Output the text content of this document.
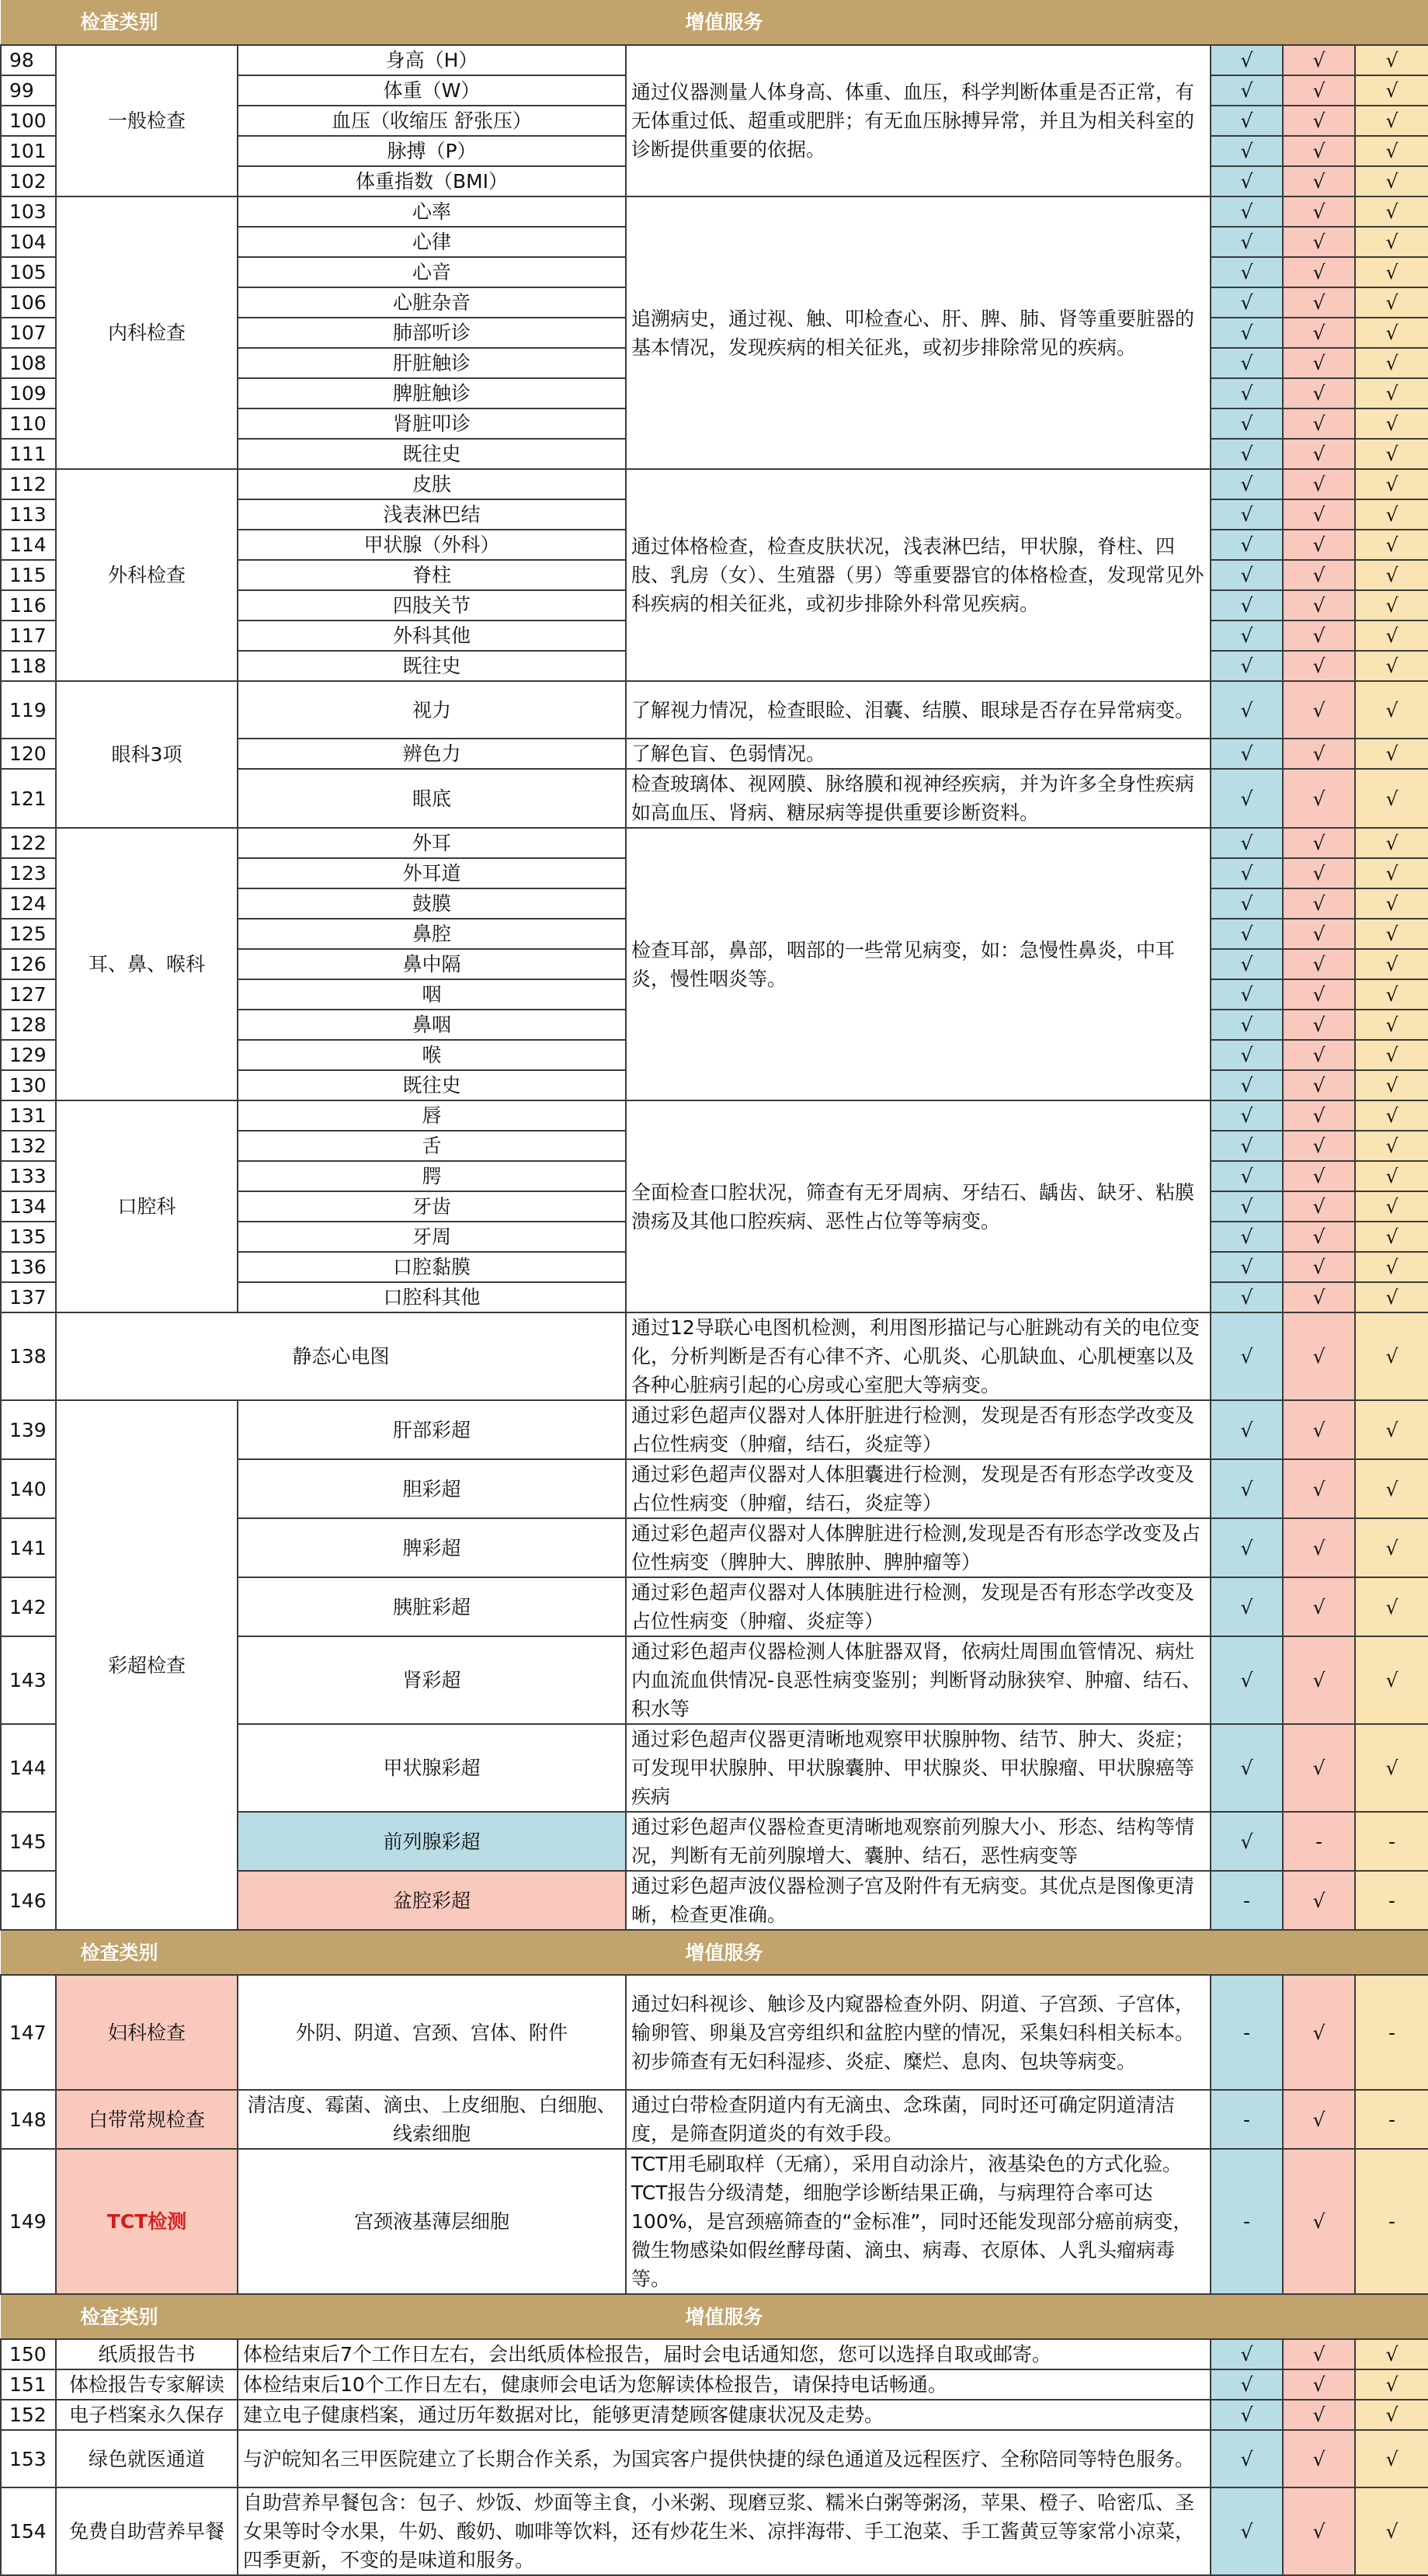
检查类别		增值服务				
98	一般检查	身高（H）	通过仪器测量人体身高、体重、血压，科学判断体重是否正常，有无体重过低、超重或肥胖；有无血压脉搏异常，并且为相关科室的诊断提供重要的依据。	√	√	√
99		体重（W）		√	√	√
100		血压（收缩压 舒张压）		√	√	√
101		脉搏（P）		√	√	√
102		体重指数（BMI）		√	√	√
103	内科检查	心率	追溯病史，通过视、触、叩检查心、肝、脾、肺、肾等重要脏器的基本情况，发现疾病的相关征兆，或初步排除常见的疾病。	√	√	√
104		心律		√	√	√
105		心音		√	√	√
106		心脏杂音		√	√	√
107		肺部听诊		√	√	√
108		肝脏触诊		√	√	√
109		脾脏触诊		√	√	√
110		肾脏叩诊		√	√	√
111		既往史		√	√	√
112	外科检查	皮肤	通过体格检查，检查皮肤状况，浅表淋巴结，甲状腺，脊柱、四肢、乳房（女）、生殖器（男）等重要器官的体格检查，发现常见外科疾病的相关征兆，或初步排除外科常见疾病。	√	√	√
113		浅表淋巴结		√	√	√
114		甲状腺（外科）		√	√	√
115		脊柱		√	√	√
116		四肢关节		√	√	√
117		外科其他		√	√	√
118		既往史		√	√	√
119	眼科3项	视力	了解视力情况，检查眼睑、泪囊、结膜、眼球是否存在异常病变。	√	√	√
120		辨色力	了解色盲、色弱情况。	√	√	√
121		眼底	检查玻璃体、视网膜、脉络膜和视神经疾病，并为许多全身性疾病如高血压、肾病、糖尿病等提供重要诊断资料。	√	√	√
122	耳、鼻、喉科	外耳	检查耳部，鼻部，咽部的一些常见病变，如：急慢性鼻炎，中耳炎，慢性咽炎等。	√	√	√
123		外耳道		√	√	√
124		鼓膜		√	√	√
125		鼻腔		√	√	√
126		鼻中隔		√	√	√
127		咽		√	√	√
128		鼻咽		√	√	√
129		喉		√	√	√
130		既往史		√	√	√
131	口腔科	唇	全面检查口腔状况，筛查有无牙周病、牙结石、龋齿、缺牙、粘膜溃疡及其他口腔疾病、恶性占位等等病变。	√	√	√
132		舌		√	√	√
133		腭		√	√	√
134		牙齿		√	√	√
135		牙周		√	√	√
136		口腔黏膜		√	√	√
137		口腔科其他		√	√	√
138	静态心电图		通过12导联心电图机检测，利用图形描记与心脏跳动有关的电位变化，分析判断是否有心律不齐、心肌炎、心肌缺血、心肌梗塞以及各种心脏病引起的心房或心室肥大等病变。	√	√	√
139	彩超检查	肝部彩超	通过彩色超声仪器对人体肝脏进行检测，发现是否有形态学改变及占位性病变（肿瘤，结石，炎症等）	√	√	√
140		胆彩超	通过彩色超声仪器对人体胆囊进行检测，发现是否有形态学改变及占位性病变（肿瘤，结石，炎症等）	√	√	√
141		脾彩超	通过彩色超声仪器对人体脾脏进行检测,发现是否有形态学改变及占位性病变（脾肿大、脾脓肿、脾肿瘤等）	√	√	√
142		胰脏彩超	通过彩色超声仪器对人体胰脏进行检测，发现是否有形态学改变及占位性病变（肿瘤、炎症等）	√	√	√
143		肾彩超	通过彩色超声仪器检测人体脏器双肾，依病灶周围血管情况、病灶内血流血供情况-良恶性病变鉴别；判断肾动脉狭窄、肿瘤、结石、积水等	√	√	√
144		甲状腺彩超	通过彩色超声仪器更清晰地观察甲状腺肿物、结节、肿大、炎症；可发现甲状腺肿、甲状腺囊肿、甲状腺炎、甲状腺瘤、甲状腺癌等疾病	√	√	√
145		前列腺彩超	通过彩色超声仪器检查更清晰地观察前列腺大小、形态、结构等情况，判断有无前列腺增大、囊肿、结石，恶性病变等	√	-	-
146		盆腔彩超	通过彩色超声波仪器检测子宫及附件有无病变。其优点是图像更清晰，检查更准确。	-	√	-
检查类别		增值服务				
147	妇科检查	外阴、阴道、宫颈、宫体、附件	通过妇科视诊、触诊及内窥器检查外阴、阴道、子宫颈、子宫体，输卵管、卵巢及宫旁组织和盆腔内壁的情况，采集妇科相关标本。初步筛查有无妇科湿疹、炎症、糜烂、息肉、包块等病变。	-	√	-
148	白带常规检查	清洁度、霉菌、滴虫、上皮细胞、白细胞、线索细胞	通过白带检查阴道内有无滴虫、念珠菌，同时还可确定阴道清洁度，是筛查阴道炎的有效手段。	-	√	-
149	TCT检测	宫颈液基薄层细胞	TCT用毛刷取样（无痛），采用自动涂片，液基染色的方式化验。TCT报告分级清楚，细胞学诊断结果正确，与病理符合率可达100%，是宫颈癌筛查的“金标准”，同时还能发现部分癌前病变，微生物感染如假丝酵母菌、滴虫、病毒、衣原体、人乳头瘤病毒等。	-	√	-
检查类别		增值服务				
150	纸质报告书	体检结束后7个工作日左右，会出纸质体检报告，届时会电话通知您，您可以选择自取或邮寄。		√	√	√
151	体检报告专家解读	体检结束后10个工作日左右，健康师会电话为您解读体检报告，请保持电话畅通。		√	√	√
152	电子档案永久保存	建立电子健康档案，通过历年数据对比，能够更清楚顾客健康状况及走势。		√	√	√
153	绿色就医通道	与沪皖知名三甲医院建立了长期合作关系，为国宾客户提供快捷的绿色通道及远程医疗、全称陪同等特色服务。		√	√	√
154	免费自助营养早餐	自助营养早餐包含：包子、炒饭、炒面等主食，小米粥、现磨豆浆、糯米白粥等粥汤，苹果、橙子、哈密瓜、圣女果等时令水果，牛奶、酸奶、咖啡等饮料，还有炒花生米、凉拌海带、手工泡菜、手工酱黄豆等家常小凉菜，四季更新，不变的是味道和服务。		√	√	√
